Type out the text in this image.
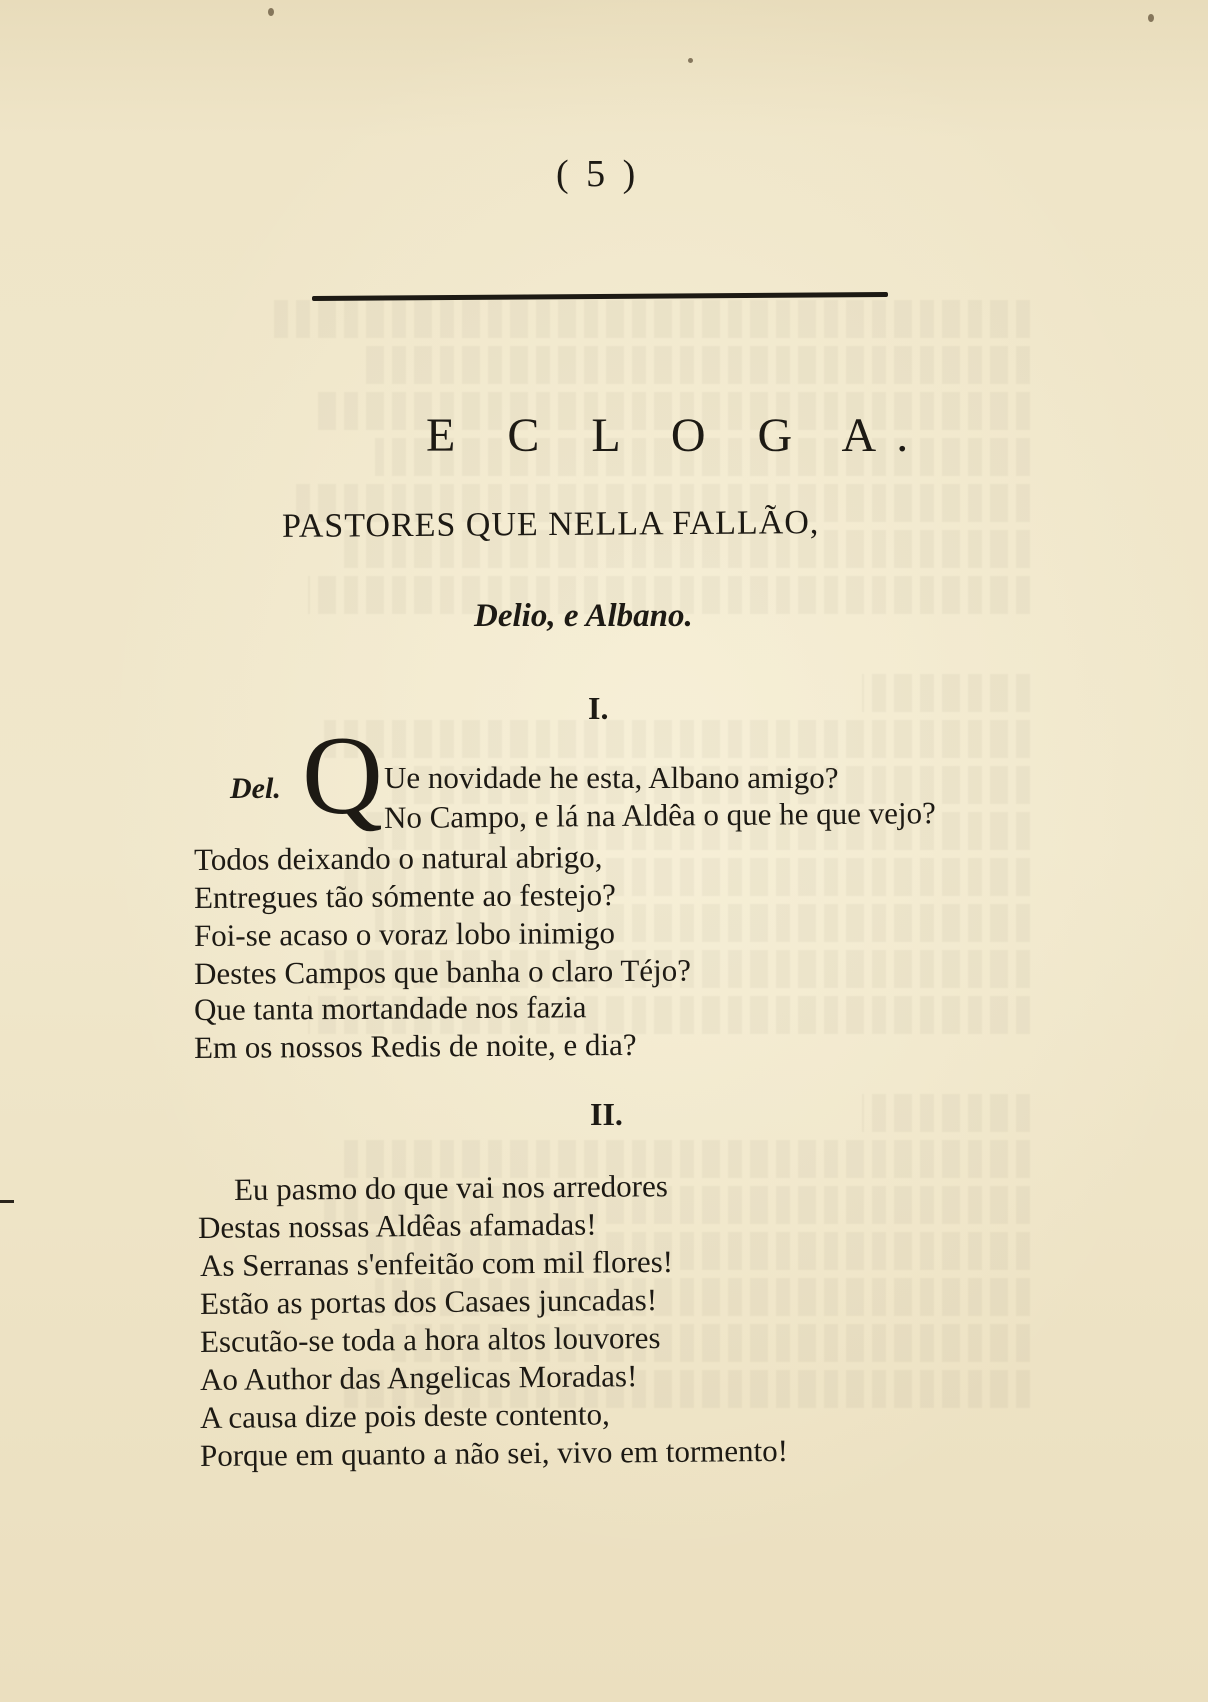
( 5 )
E C L O G A.
PASTORES QUE NELLA FALLÃO,
Delio, e Albano.
I.
Del. Q Ue novidade he esta, Albano amigo?
No Campo, e lá na Aldêa o que he que vejo?
Todos deixando o natural abrigo,
Entregues tão sómente ao festejo?
Foi-se acaso o voraz lobo inimigo
Destes Campos que banha o claro Téjo?
Que tanta mortandade nos fazia
Em os nossos Redis de noite, e dia?
II.
Eu pasmo do que vai nos arredores
Destas nossas Aldêas afamadas!
As Serranas s'enfeitão com mil flores!
Estão as portas dos Casaes juncadas!
Escutão-se toda a hora altos louvores
Ao Author das Angelicas Moradas!
A causa dize pois deste contento,
Porque em quanto a não sei, vivo em tormento!
